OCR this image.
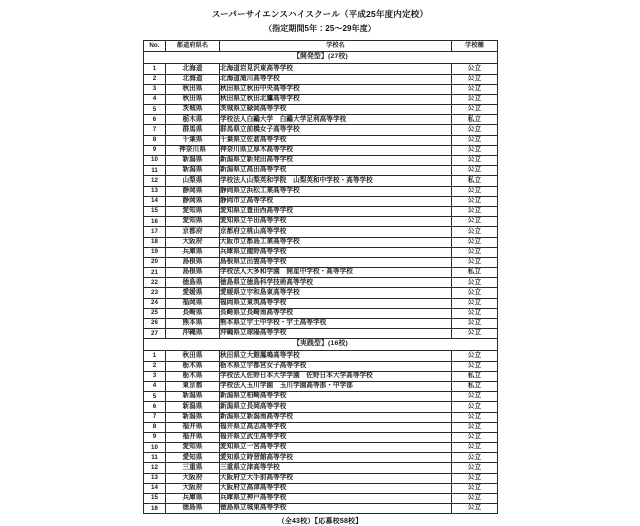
スーパーサイエンスハイスクール（平成25年度内定校）
（指定期間5年：25～29年度）
No.	都道府県名	学校名	学校種
【開発型】(27校)			
1	北海道	北海道岩見沢東高等学校	公立
2	北海道	北海道滝川高等学校	公立
3	秋田県	秋田県立秋田中央高等学校	公立
4	秋田県	秋田県立秋田北鷹高等学校	公立
5	茨城県	茨城県立緑岡高等学校	公立
6	栃木県	学校法人白鷗大学　白鷗大学足利高等学校	私立
7	群馬県	群馬県立前橋女子高等学校	公立
8	千葉県	千葉県立佐倉高等学校	公立
9	神奈川県	神奈川県立厚木高等学校	公立
10	新潟県	新潟県立新発田高等学校	公立
11	新潟県	新潟県立高田高等学校	公立
12	山梨県	学校法人山梨英和学院　山梨英和中学校・高等学校	私立
13	静岡県	静岡県立浜松工業高等学校	公立
14	静岡県	静岡市立高等学校	公立
15	愛知県	愛知県立豊田西高等学校	公立
16	愛知県	愛知県立半田高等学校	公立
17	京都府	京都府立桃山高等学校	公立
18	大阪府	大阪市立都島工業高等学校	公立
19	兵庫県	兵庫県立龍野高等学校	公立
20	島根県	島根県立出雲高等学校	公立
21	島根県	学校法人大多和学園　開星中学校・高等学校	私立
22	徳島県	徳島県立徳島科学技術高等学校	公立
23	愛媛県	愛媛県立宇和島東高等学校	公立
24	福岡県	福岡県立東筑高等学校	公立
25	長崎県	長崎県立長崎南高等学校	公立
26	熊本県	熊本県立宇土中学校・宇土高等学校	公立
27	沖縄県	沖縄県立球陽高等学校	公立
【実践型】(16校)			
1	秋田県	秋田県立大館鳳鳴高等学校	公立
2	栃木県	栃木県立宇都宮女子高等学校	公立
3	栃木県	学校法人佐野日本大学学園　佐野日本大学高等学校	私立
4	東京都	学校法人玉川学園　玉川学園高等部・中学部	私立
5	新潟県	新潟県立柏崎高等学校	公立
6	新潟県	新潟県立長岡高等学校	公立
7	新潟県	新潟県立新潟南高等学校	公立
8	福井県	福井県立高志高等学校	公立
9	福井県	福井県立武生高等学校	公立
10	愛知県	愛知県立一宮高等学校	公立
11	愛知県	愛知県立時習館高等学校	公立
12	三重県	三重県立津高等学校	公立
13	大阪府	大阪府立大手前高等学校	公立
14	大阪府	大阪府立高津高等学校	公立
15	兵庫県	兵庫県立神戸高等学校	公立
16	徳島県	徳島県立城東高等学校	公立
（全43校）【応募校58校】
